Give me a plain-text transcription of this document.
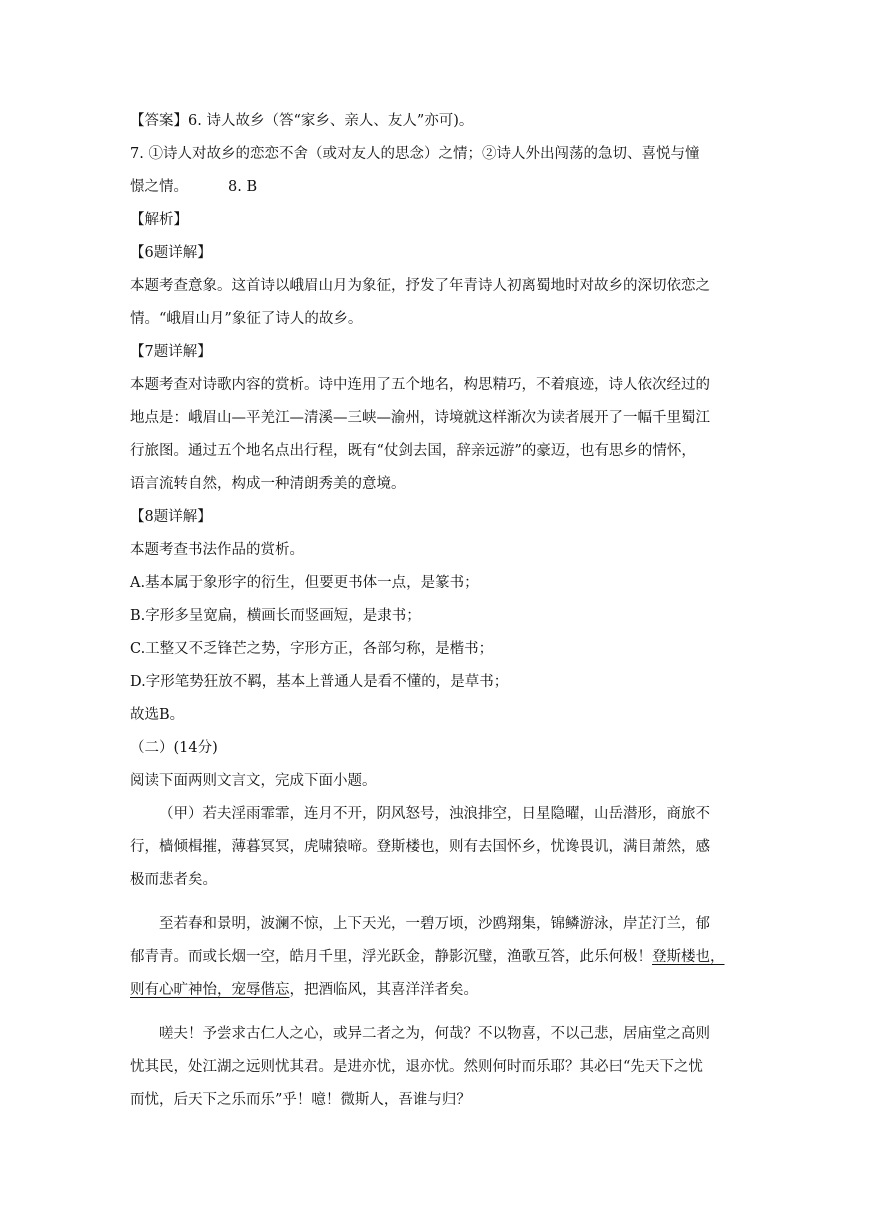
【答案】6. 诗人故乡（答“家乡、亲人、友人”亦可)。

7. ①诗人对故乡的恋恋不舍（或对友人的思念）之情；②诗人外出闯荡的急切、喜悦与憧

憬之情。	8. B

【解析】

【6题详解】

本题考查意象。这首诗以峨眉山月为象征，抒发了年青诗人初离蜀地时对故乡的深切依恋之

情。“峨眉山月”象征了诗人的故乡。

【7题详解】

本题考查对诗歌内容的赏析。诗中连用了五个地名，构思精巧，不着痕迹，诗人依次经过的

地点是：峨眉山—平羌江—清溪—三峡—渝州，诗境就这样渐次为读者展开了一幅千里蜀江

行旅图。通过五个地名点出行程，既有“仗剑去国，辞亲远游”的豪迈，也有思乡的情怀，

语言流转自然，构成一种清朗秀美的意境。

【8题详解】

本题考查书法作品的赏析。

A.基本属于象形字的衍生，但要更书体一点，是篆书；

B.字形多呈宽扁，横画长而竖画短，是隶书；

C.工整又不乏锋芒之势，字形方正，各部匀称，是楷书；

D.字形笔势狂放不羁，基本上普通人是看不懂的，是草书；

故选B。

（二）(14分)

阅读下面两则文言文，完成下面小题。

（甲）若夫淫雨霏霏，连月不开，阴风怒号，浊浪排空，日星隐曜，山岳潜形，商旅不

行，樯倾楫摧，薄暮冥冥，虎啸猿啼。登斯楼也，则有去国怀乡，忧谗畏讥，满目萧然，感

极而悲者矣。

至若春和景明，波澜不惊，上下天光，一碧万顷，沙鸥翔集，锦鳞游泳，岸芷汀兰，郁

郁青青。而或长烟一空，皓月千里，浮光跃金，静影沉璧，渔歌互答，此乐何极！登斯楼也，

则有心旷神怡，宠辱偕忘，把酒临风，其喜洋洋者矣。

嗟夫！予尝求古仁人之心，或异二者之为，何哉？不以物喜，不以己悲，居庙堂之高则

忧其民，处江湖之远则忧其君。是进亦忧，退亦忧。然则何时而乐耶？其必曰“先天下之忧

而忧，后天下之乐而乐”乎！噫！微斯人，吾谁与归？
